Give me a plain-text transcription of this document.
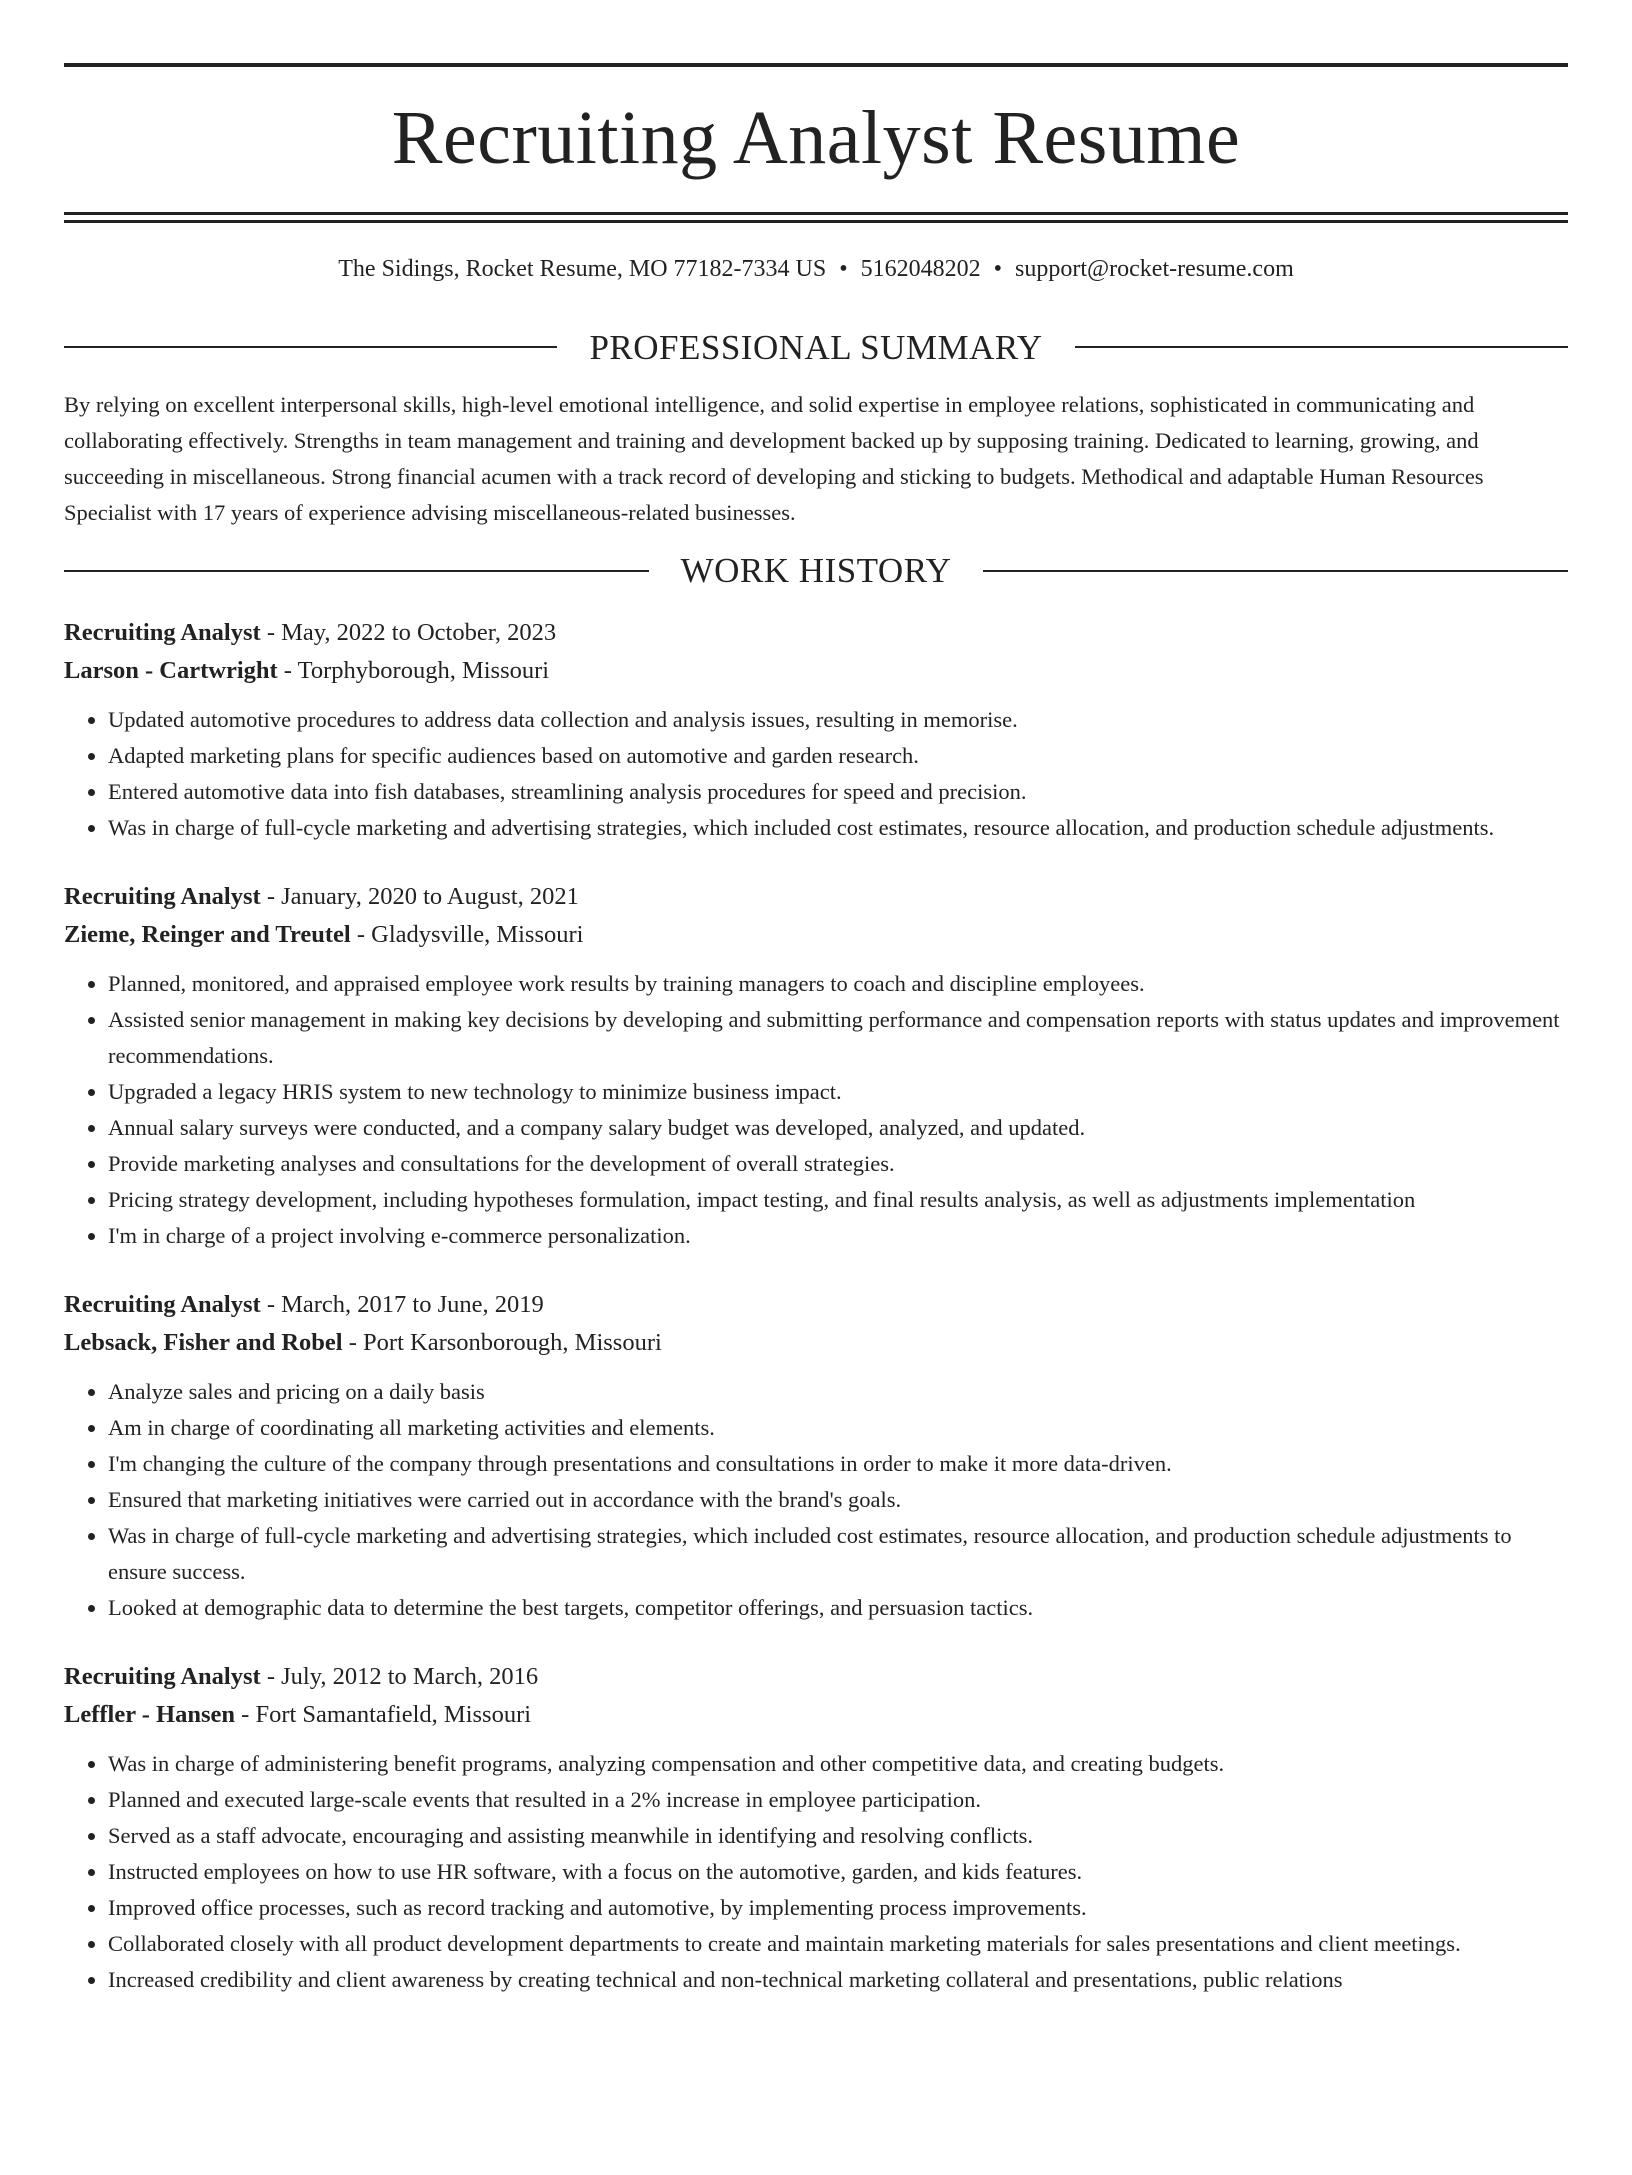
Recruiting Analyst Resume
The Sidings, Rocket Resume, MO 77182-7334 US • 5162048202 • support@rocket-resume.com
PROFESSIONAL SUMMARY

By relying on excellent interpersonal skills, high-level emotional intelligence, and solid expertise in employee relations, sophisticated in communicating and collaborating effectively. Strengths in team management and training and development backed up by supposing training. Dedicated to learning, growing, and succeeding in miscellaneous. Strong financial acumen with a track record of developing and sticking to budgets. Methodical and adaptable Human Resources Specialist with 17 years of experience advising miscellaneous-related businesses.

WORK HISTORY
Recruiting Analyst - May, 2022 to October, 2023
Larson - Cartwright - Torphyborough, Missouri
• Updated automotive procedures to address data collection and analysis issues, resulting in memorise.
• Adapted marketing plans for specific audiences based on automotive and garden research.
• Entered automotive data into fish databases, streamlining analysis procedures for speed and precision.
• Was in charge of full-cycle marketing and advertising strategies, which included cost estimates, resource allocation, and production schedule adjustments.
Recruiting Analyst - January, 2020 to August, 2021
Zieme, Reinger and Treutel - Gladysville, Missouri
• Planned, monitored, and appraised employee work results by training managers to coach and discipline employees.
• Assisted senior management in making key decisions by developing and submitting performance and compensation reports with status updates and improvement recommendations.
• Upgraded a legacy HRIS system to new technology to minimize business impact.
• Annual salary surveys were conducted, and a company salary budget was developed, analyzed, and updated.
• Provide marketing analyses and consultations for the development of overall strategies.
• Pricing strategy development, including hypotheses formulation, impact testing, and final results analysis, as well as adjustments implementation
• I'm in charge of a project involving e-commerce personalization.
Recruiting Analyst - March, 2017 to June, 2019
Lebsack, Fisher and Robel - Port Karsonborough, Missouri
• Analyze sales and pricing on a daily basis
• Am in charge of coordinating all marketing activities and elements.
• I'm changing the culture of the company through presentations and consultations in order to make it more data-driven.
• Ensured that marketing initiatives were carried out in accordance with the brand's goals.
• Was in charge of full-cycle marketing and advertising strategies, which included cost estimates, resource allocation, and production schedule adjustments to ensure success.
• Looked at demographic data to determine the best targets, competitor offerings, and persuasion tactics.
Recruiting Analyst - July, 2012 to March, 2016
Leffler - Hansen - Fort Samantafield, Missouri
• Was in charge of administering benefit programs, analyzing compensation and other competitive data, and creating budgets.
• Planned and executed large-scale events that resulted in a 2% increase in employee participation.
• Served as a staff advocate, encouraging and assisting meanwhile in identifying and resolving conflicts.
• Instructed employees on how to use HR software, with a focus on the automotive, garden, and kids features.
• Improved office processes, such as record tracking and automotive, by implementing process improvements.
• Collaborated closely with all product development departments to create and maintain marketing materials for sales presentations and client meetings.
• Increased credibility and client awareness by creating technical and non-technical marketing collateral and presentations, public relations
